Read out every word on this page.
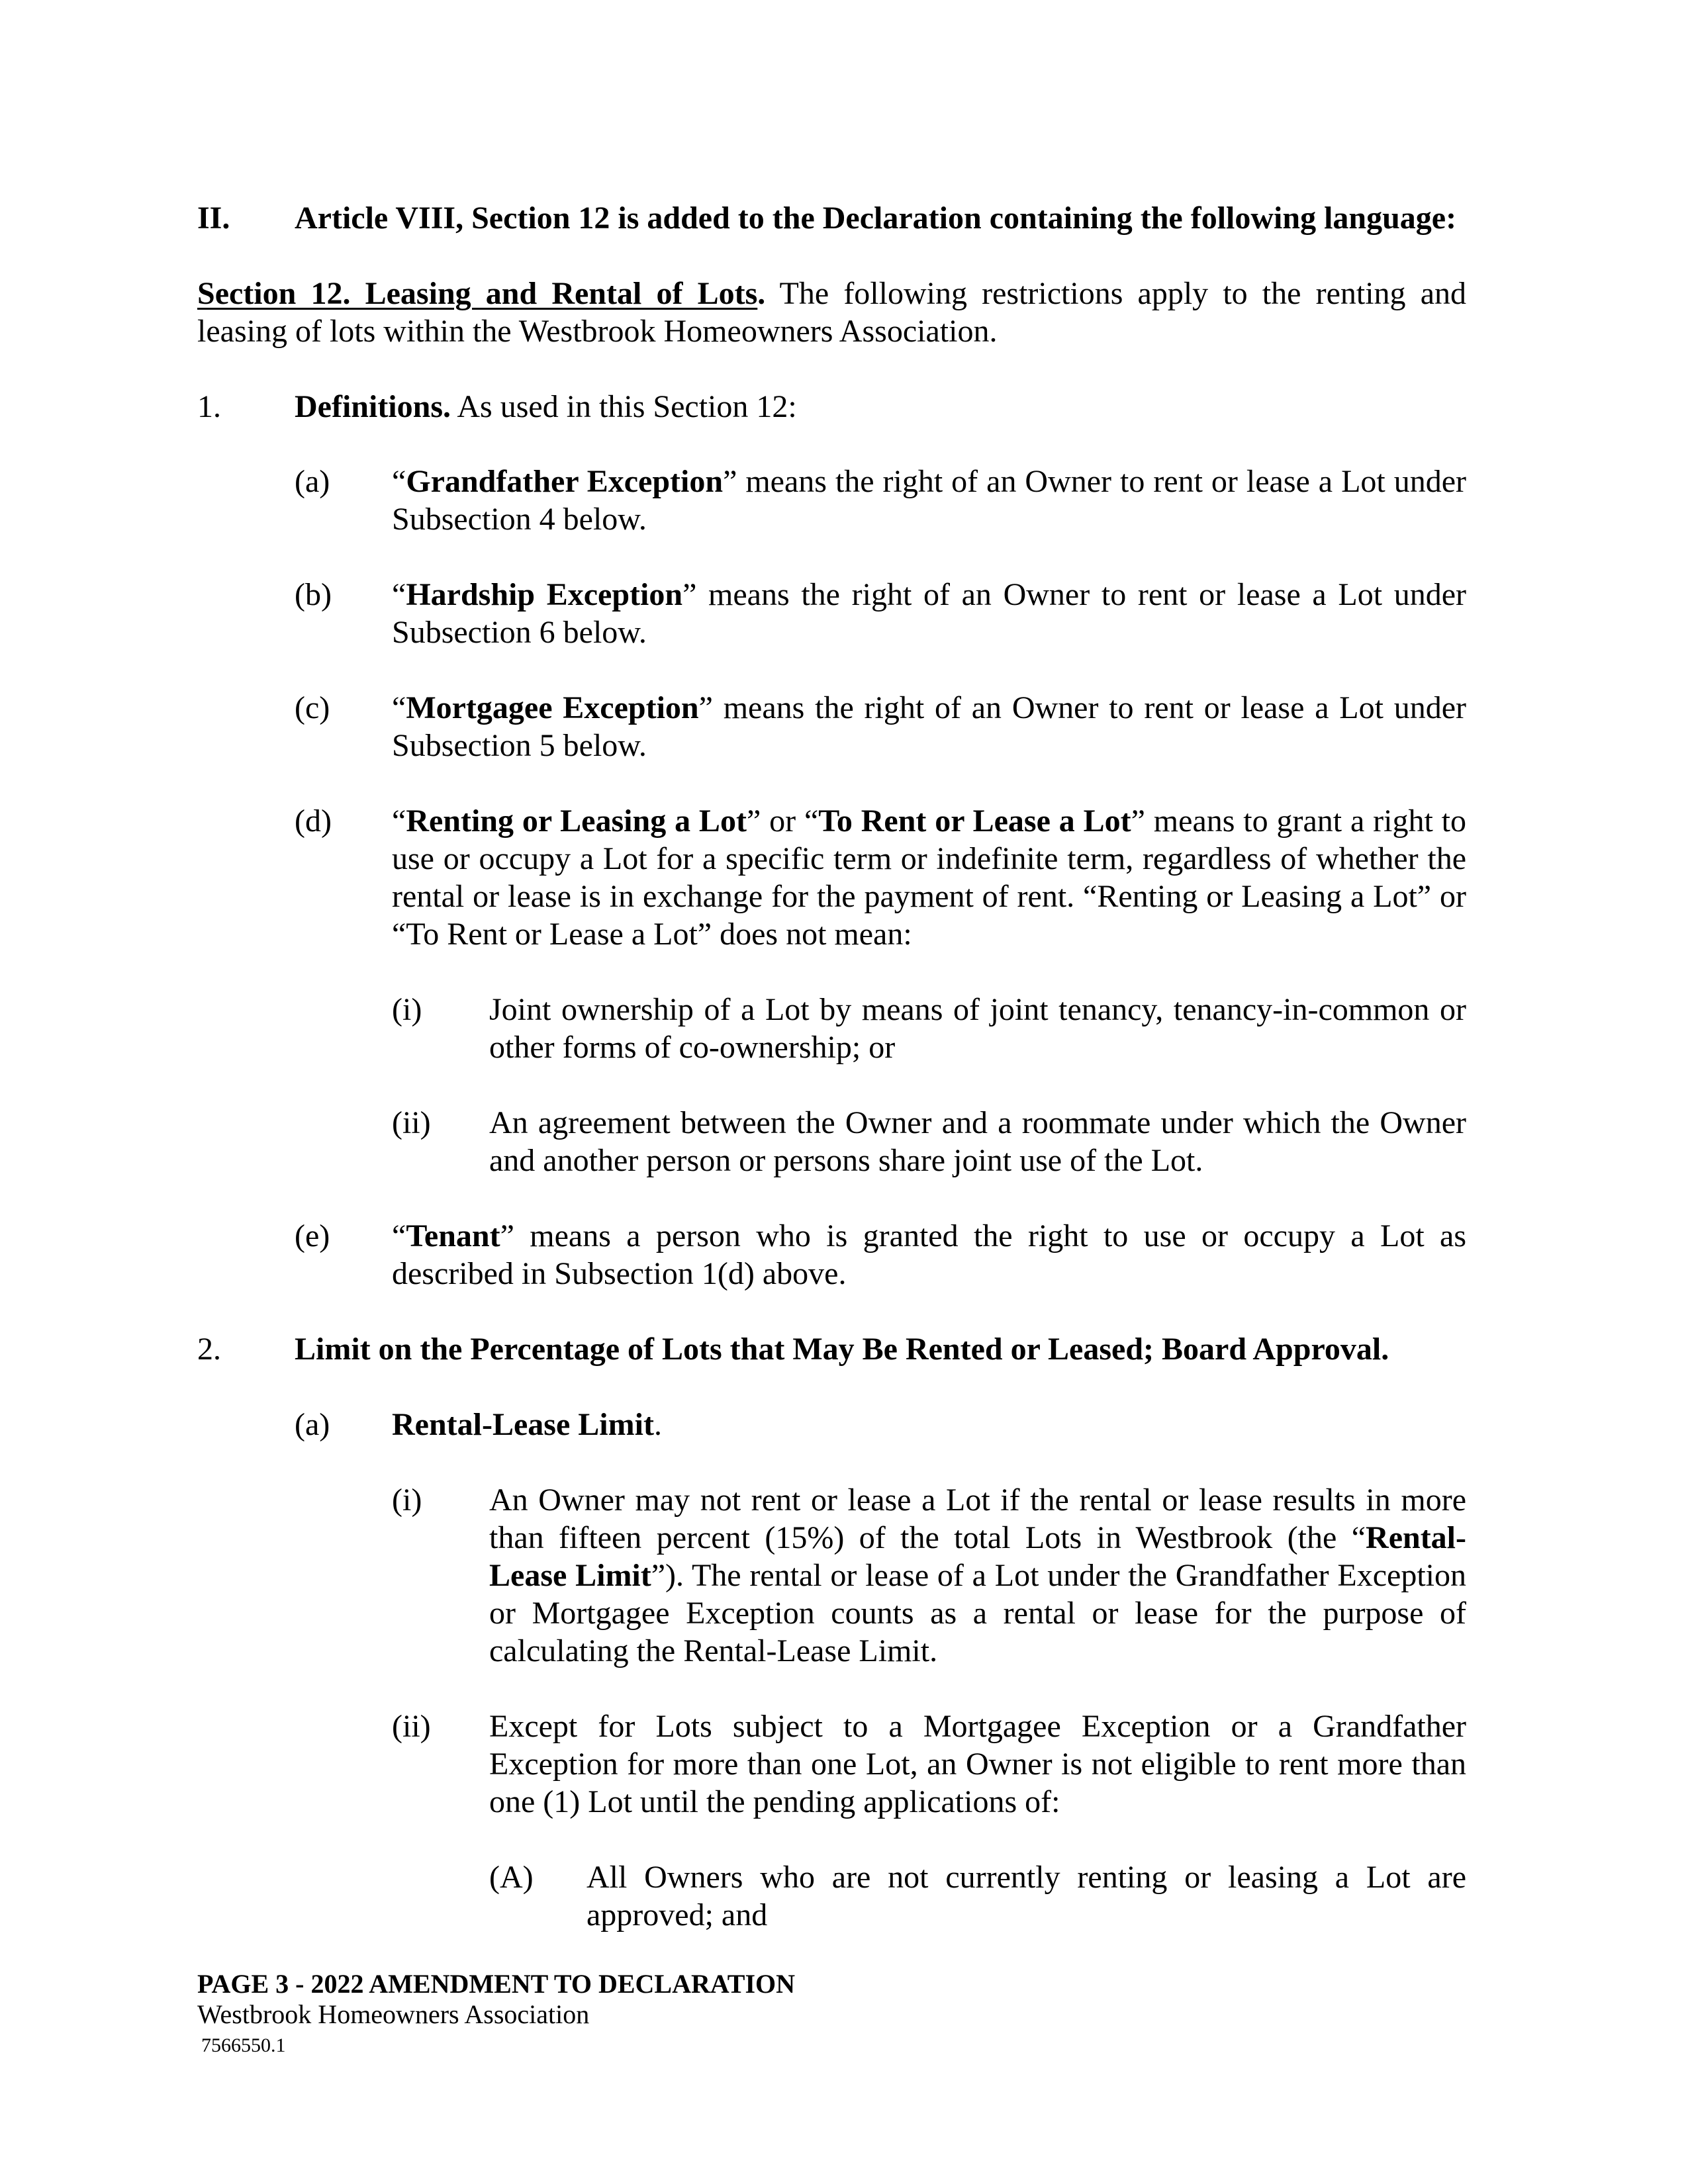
II. Article VIII, Section 12 is added to the Declaration containing the following language:
Section 12. Leasing and Rental of Lots. The following restrictions apply to the renting and
leasing of lots within the Westbrook Homeowners Association.
1. Definitions. As used in this Section 12:
(a) “Grandfather Exception” means the right of an Owner to rent or lease a Lot under
Subsection 4 below.
(b) “Hardship Exception” means the right of an Owner to rent or lease a Lot under
Subsection 6 below.
(c) “Mortgagee Exception” means the right of an Owner to rent or lease a Lot under
Subsection 5 below.
(d) “Renting or Leasing a Lot” or “To Rent or Lease a Lot” means to grant a right to
use or occupy a Lot for a specific term or indefinite term, regardless of whether the
rental or lease is in exchange for the payment of rent. “Renting or Leasing a Lot” or
“To Rent or Lease a Lot” does not mean:
(i) Joint ownership of a Lot by means of joint tenancy, tenancy-in-common or
other forms of co-ownership; or
(ii) An agreement between the Owner and a roommate under which the Owner
and another person or persons share joint use of the Lot.
(e) “Tenant” means a person who is granted the right to use or occupy a Lot as
described in Subsection 1(d) above.
2. Limit on the Percentage of Lots that May Be Rented or Leased; Board Approval.
(a) Rental-Lease Limit.
(i) An Owner may not rent or lease a Lot if the rental or lease results in more
than fifteen percent (15%) of the total Lots in Westbrook (the “Rental-
Lease Limit”). The rental or lease of a Lot under the Grandfather Exception
or Mortgagee Exception counts as a rental or lease for the purpose of
calculating the Rental-Lease Limit.
(ii) Except for Lots subject to a Mortgagee Exception or a Grandfather
Exception for more than one Lot, an Owner is not eligible to rent more than
one (1) Lot until the pending applications of:
(A) All Owners who are not currently renting or leasing a Lot are
approved; and
PAGE 3 - 2022 AMENDMENT TO DECLARATION
Westbrook Homeowners Association
7566550.1
